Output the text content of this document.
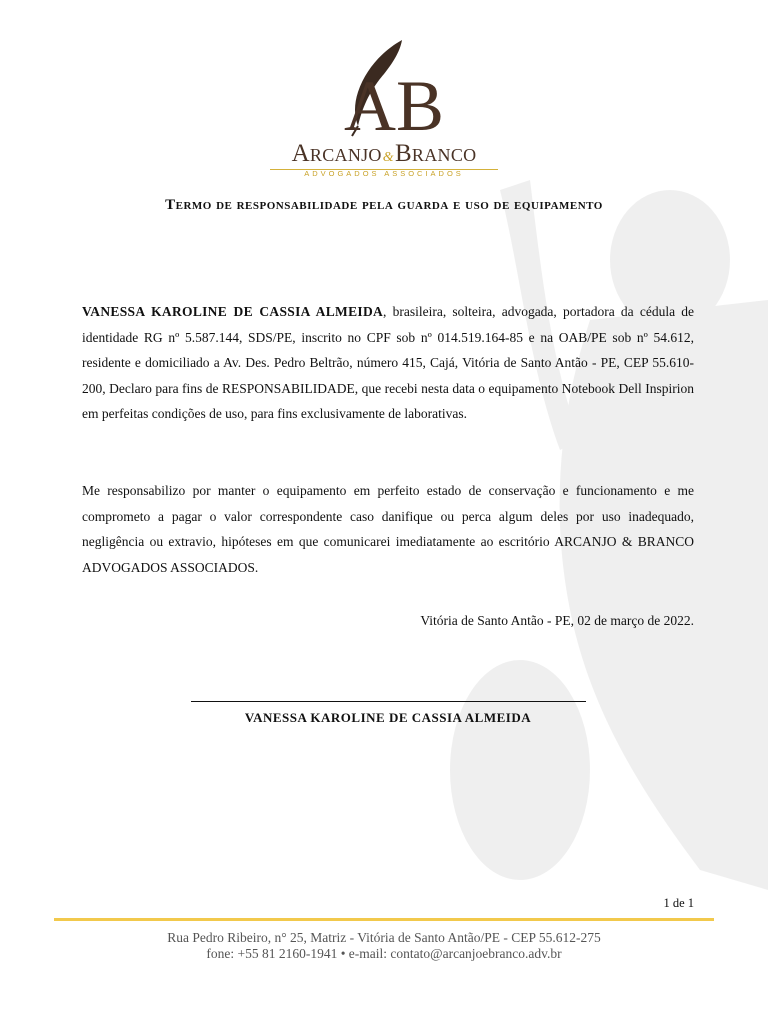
AB
Arcanjo&Branco
ADVOGADOS ASSOCIADOS
Termo de responsabilidade pela guarda e uso de equipamento
VANESSA KAROLINE DE CASSIA ALMEIDA, brasileira, solteira, advogada, portadora da cédula de identidade RG nº 5.587.144, SDS/PE, inscrito no CPF sob nº 014.519.164-85 e na OAB/PE sob nº 54.612, residente e domiciliado a Av. Des. Pedro Beltrão, número 415, Cajá, Vitória de Santo Antão - PE, CEP 55.610-200, Declaro para fins de RESPONSABILIDADE, que recebi nesta data o equipamento Notebook Dell Inspirion em perfeitas condições de uso, para fins exclusivamente de laborativas.
Me responsabilizo por manter o equipamento em perfeito estado de conservação e funcionamento e me comprometo a pagar o valor correspondente caso danifique ou perca algum deles por uso inadequado, negligência ou extravio, hipóteses em que comunicarei imediatamente ao escritório ARCANJO & BRANCO ADVOGADOS ASSOCIADOS.
Vitória de Santo Antão - PE, 02 de março de 2022.
VANESSA KAROLINE DE CASSIA ALMEIDA
1 de 1
Rua Pedro Ribeiro, n° 25, Matriz - Vitória de Santo Antão/PE - CEP 55.612-275
fone: +55 81 2160-1941 • e-mail: contato@arcanjoebranco.adv.br
